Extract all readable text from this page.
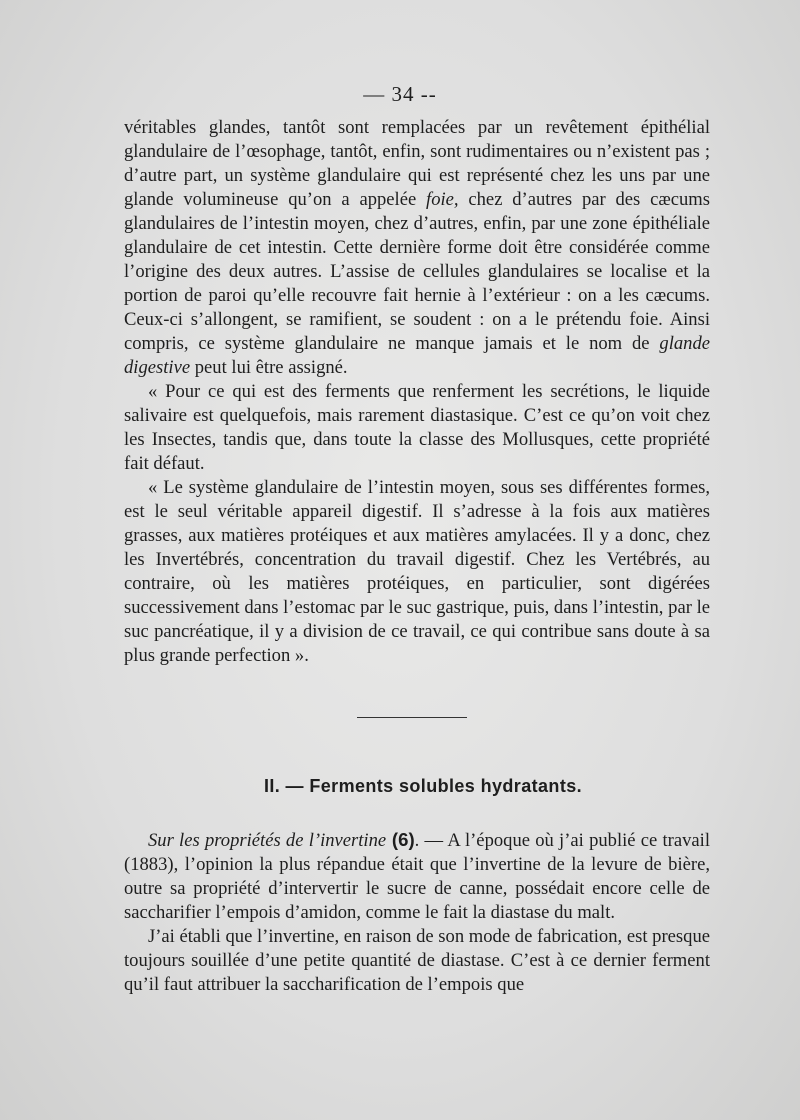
— 34 --

véritables glandes, tantôt sont remplacées par un revêtement épithélial glandulaire de l’œsophage, tantôt, enfin, sont rudimentaires ou n’existent pas ; d’autre part, un système glandulaire qui est représenté chez les uns par une glande volumineuse qu’on a appelée foie, chez d’autres par des cæcums glandulaires de l’intestin moyen, chez d’autres, enfin, par une zone épithéliale glandulaire de cet intestin. Cette dernière forme doit être considérée comme l’origine des deux autres. L’assise de cellules glandulaires se localise et la portion de paroi qu’elle recouvre fait hernie à l’extérieur : on a les cæcums. Ceux-ci s’allongent, se ramifient, se soudent : on a le prétendu foie. Ainsi compris, ce système glandulaire ne manque jamais et le nom de glande digestive peut lui être assigné.

« Pour ce qui est des ferments que renferment les secrétions, le liquide salivaire est quelquefois, mais rarement diastasique. C’est ce qu’on voit chez les Insectes, tandis que, dans toute la classe des Mollusques, cette propriété fait défaut.

« Le système glandulaire de l’intestin moyen, sous ses différentes formes, est le seul véritable appareil digestif. Il s’adresse à la fois aux matières grasses, aux matières protéiques et aux matières amylacées. Il y a donc, chez les Invertébrés, concentration du travail digestif. Chez les Vertébrés, au contraire, où les matières protéiques, en particulier, sont digérées successivement dans l’estomac par le suc gastrique, puis, dans l’intestin, par le suc pancréatique, il y a division de ce travail, ce qui contribue sans doute à sa plus grande perfection ».

II. — Ferments solubles hydratants.

Sur les propriétés de l’invertine (6). — A l’époque où j’ai publié ce travail (1883), l’opinion la plus répandue était que l’invertine de la levure de bière, outre sa propriété d’intervertir le sucre de canne, possédait encore celle de saccharifier l’empois d’amidon, comme le fait la diastase du malt.

J’ai établi que l’invertine, en raison de son mode de fabrication, est presque toujours souillée d’une petite quantité de diastase. C’est à ce dernier ferment qu’il faut attribuer la saccharification de l’empois que
